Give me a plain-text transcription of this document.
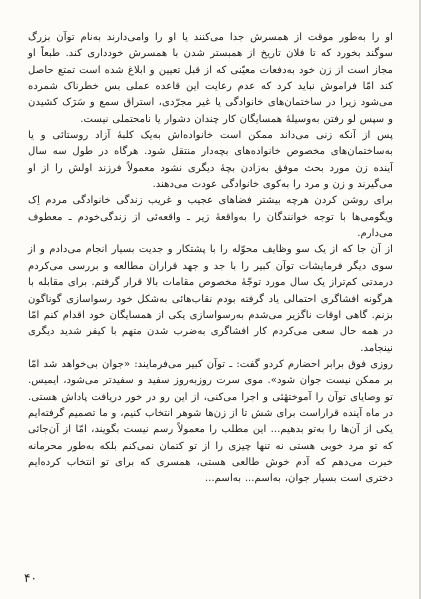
او را به‌طور موقت از همسرش جدا می‌کنند یا او را وامی‌دارند به‌نام توآن بزرگ سوگند بخورد که تا فلان تاریخ از همبستر شدن با همسرش خودداری کند. طبعاً او مجاز است از زن خود به‌دفعات معیّنی که از قبل تعیین و ابلاغ شده است تمتع حاصل کند امّا فراموش نباید کرد که عدم رعایت این قاعده عملی بس خطرناک شمرده می‌شود زیرا در ساختمان‌های خانوادگی یا غیر مجرّدی، استراق سمع و سَرَک کشیدن و سپس لو رفتن به‌وسیلهٔ همسایگان کار چندان دشوار یا نامحتملی نیست.

پس از آنکه زنی می‌داند ممکن است خانواده‌اش به‌یک کلبهٔ آزاد روستائی و یا به‌ساختمان‌های مخصوص خانواده‌های بچه‌دار منتقل شود. هرگاه در طول سه سال آینده زن مورد بحث موفق به‌زادن بچهٔ دیگری نشود معمولاً فرزند اولش را از او می‌گیرند و زن و مرد را به‌کوی خانوادگی عودت می‌دهند.

برای روشن کردن هرچه بیشتر فضاهای عجیب و غریب زندگی خانوادگی مردم اِک ویگومی‌ها با توجه خوانندگان را به‌واقعهٔ زیر ـ واقعه‌ئی از زندگی‌خودم ـ معطوف می‌دارم.

از آن جا که از یک سو وظایف محوّله را با پشتکار و جدیت بسیار انجام می‌دادم و از سوی دیگر فرمایشات توآن کبیر را با جد و جهد قراران مطالعه و بررسی می‌کردم درمدتی کم‌تراز یک سال مورد توجّهٔ مخصوص مقامات بالا قرار گرفتم. برای مقابله با هرگونه افشاگری احتمالی یاد گرفته بودم نقاب‌هائی به‌شکل خود رسوا‌سازی گوناگون بزنم. گاهی اوقات ناگزیر می‌شدم به‌رسواسازی یکی از همسایگان خود اقدام کنم امّا در همه حال سعی می‌کردم کار افشاگری به‌ضرب شدن متهم با کیفر شدید دیگری نینجامد.

روزی فوق برابر احضارم کردو گفت: ـ توآن کبیر می‌فرمایند: «جوان بی‌خواهد شد امّا بر ممکن نیست جوان شود». موی سرت روزبه‌روز سفید و سفیدتر می‌شود، ایمیس. تو وصایای توآن را آموختهٔئی و اجرا می‌کنی، از این رو در خور دریافت پاداش هستی. در ماه آینده قراراست برای شش تا از زن‌ها شوهر انتخاب کنیم، و ما تصمیم گرفته‌ایم یکی از آن‌ها را به‌تو بدهیم... این مطلب را معمولاً رسم نیست بگویند، امّا از آن‌جائی که تو مرد خوبی هستی نه تنها چیزی را از تو کتمان نمی‌کنم بلکه به‌طور محرمانه خبرت می‌دهم که آدم خوش طالعی هستی، همسری که برای تو انتخاب کرده‌ایم دختری است بسیار جوان، به‌اسم... به‌اسم...

۴۰
